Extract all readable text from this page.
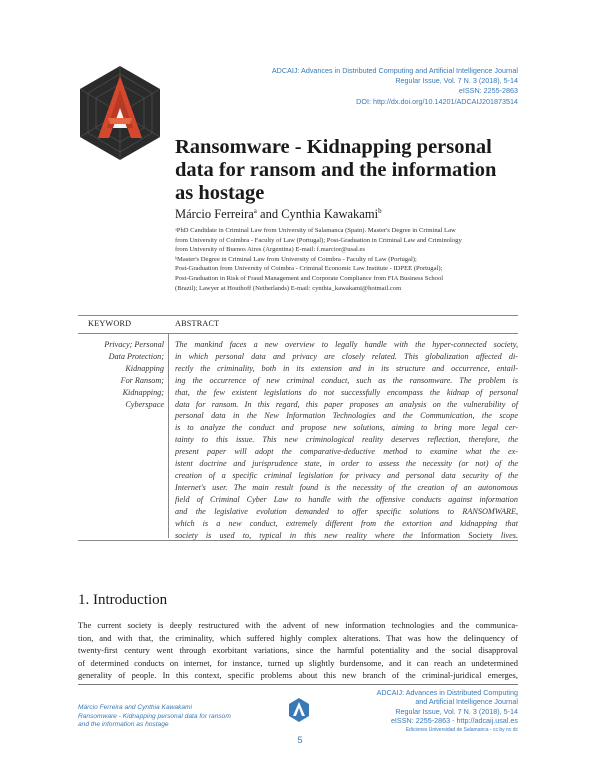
ADCAIJ: Advances in Distributed Computing and Artificial Intelligence Journal
Regular Issue, Vol. 7 N. 3 (2018), 5-14
eISSN: 2255-2863
DOI: http://dx.doi.org/10.14201/ADCAIJ201873514
Ransomware - Kidnapping personal
data for ransom and the information
as hostage
Márcio Ferreira$^a$ and Cynthia Kawakami$^b$
ᵃPhD Candidate in Criminal Law from University of Salamanca (Spain). Master's Degree in Criminal Law
from University of Coimbra - Faculty of Law (Portugal); Post-Graduation in Criminal Law and Criminology
from University of Buenos Aires (Argentina) E-mail: f.marcior@usal.es
ᵇMaster's Degree in Criminal Law from University of Coimbra - Faculty of Law (Portugal);
Post-Graduation from University of Coimbra - Criminal Economic Law Institute - IDPEE (Portugal);
Post-Graduation in Risk of Fraud Management and Corporate Compliance from FIA Business School
(Brazil); Lawyer at Houthoff (Netherlands) E-mail: cynthia_kawakami@hotmail.com
KEYWORD	ABSTRACT
Privacy; Personal
Data Protection;
Kidnapping
For Ransom;
Kidnapping;
Cyberspace
The mankind faces a new overview to legally handle with the hyper-connected society,
in which personal data and privacy are closely related. This globalization affected di-
rectly the criminality, both in its extension and in its structure and occurrence, entail-
ing the occurrence of new criminal conduct, such as the ransomware. The problem is
that, the few existent legislations do not successfully encompass the kidnap of personal
data for ransom. In this regard, this paper proposes an analysis on the vulnerability of
personal data in the New Information Technologies and the Communication, the scope
is to analyze the conduct and propose new solutions, aiming to bring more legal cer-
tainty to this issue. This new criminological reality deserves reflection, therefore, the
present paper will adopt the comparative-deductive method to examine what the ex-
istent doctrine and jurisprudence state, in order to assess the necessity (or not) of the
creation of a specific criminal legislation for privacy and personal data security of the
Internet's user. The main result found is the necessity of the creation of an autonomous
field of Criminal Cyber Law to handle with the offensive conducts against information
and the legislative evolution demanded to offer specific solutions to RANSOMWARE,
which is a new conduct, extremely different from the extortion and kidnapping that
society is used to, typical in this new reality where the Information Society lives.
1. Introduction
The current society is deeply restructured with the advent of new information technologies and the communica-
tion, and with that, the criminality, which suffered highly complex alterations. That was how the delinquency of
twenty-first century went through exorbitant variations, since the harmful potentiality and the social disapproval
of determined conducts on internet, for instance, turned up slightly burdensome, and it can reach an undetermined
generality of people. In this context, specific problems about this new branch of the criminal-juridical emerges,
Márcio Ferreira and Cynthia Kawakami
Ransomware - Kidnapping personal data for ransom
and the information as hostage
ADCAIJ: Advances in Distributed Computing
and Artificial Intelligence Journal
Regular Issue, Vol. 7 N. 3 (2018), 5-14
eISSN: 2255-2863 - http://adcaij.usal.es
Ediciones Universidad de Salamanca - cc by nc dc
5
